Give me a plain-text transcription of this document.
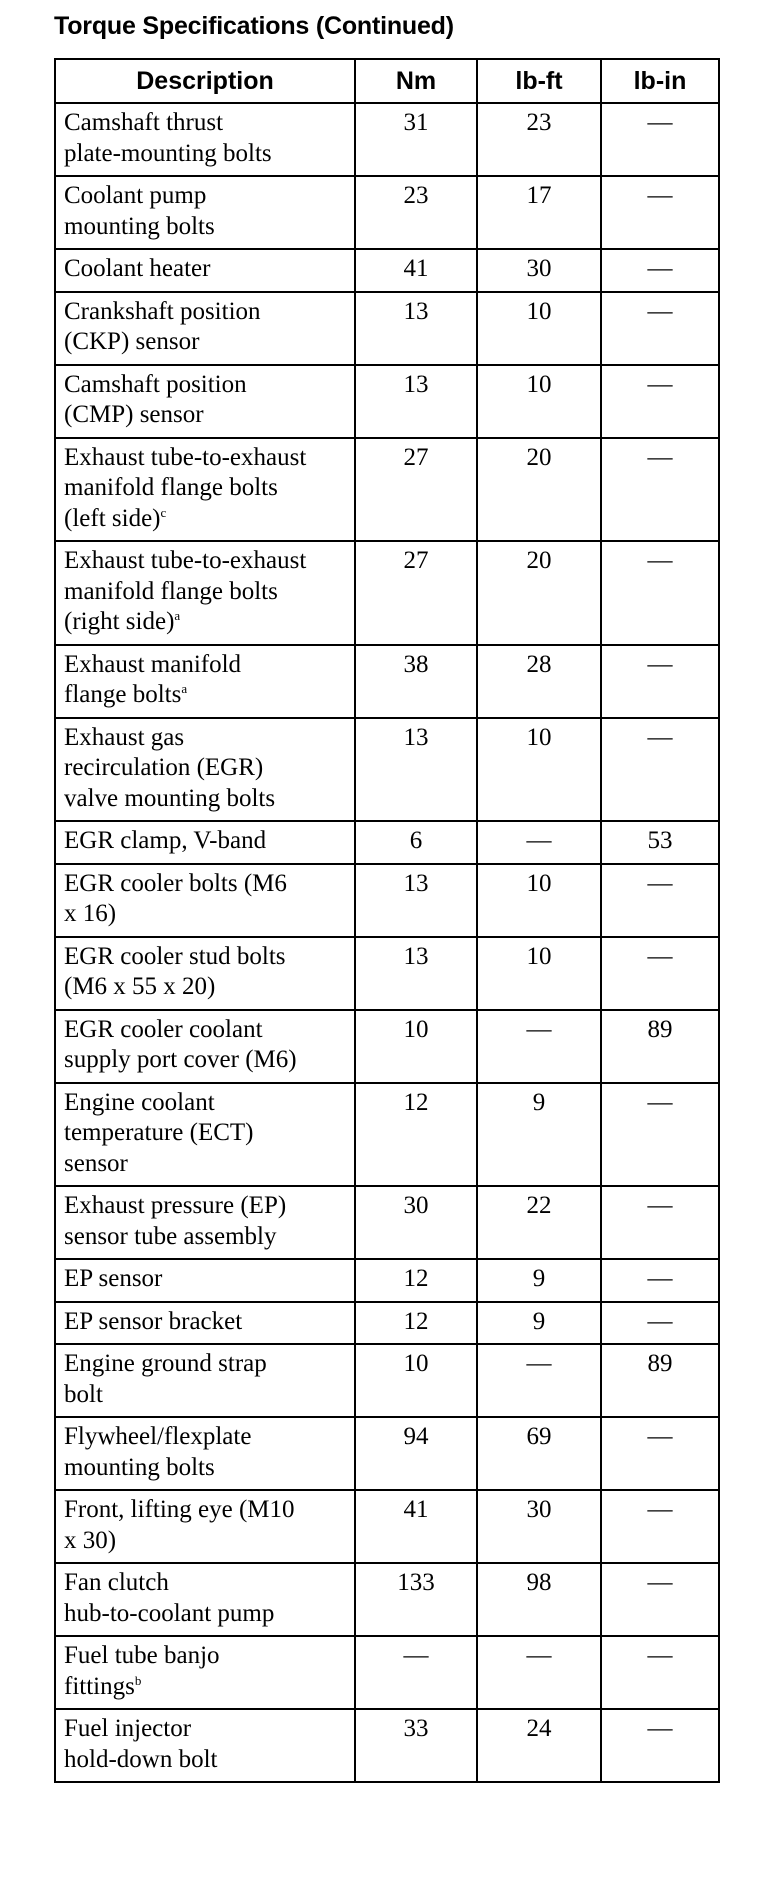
Torque Specifications (Continued)
Description	Nm	lb-ft	lb-in

Camshaft thrust
plate-mounting bolts	31	23	—

Coolant pump
mounting bolts	23	17	—

Coolant heater	41	30	—

Crankshaft position
(CKP) sensor	13	10	—

Camshaft position
(CMP) sensor	13	10	—

Exhaust tube-to-exhaust
manifold flange bolts
(left side)$^c$	27	20	—

Exhaust tube-to-exhaust
manifold flange bolts
(right side)$^a$	27	20	—

Exhaust manifold
flange bolts$^a$	38	28	—

Exhaust gas
recirculation (EGR)
valve mounting bolts	13	10	—

EGR clamp, V-band	6	—	53

EGR cooler bolts (M6
x 16)	13	10	—

EGR cooler stud bolts
(M6 x 55 x 20)	13	10	—

EGR cooler coolant
supply port cover (M6)	10	—	89

Engine coolant
temperature (ECT)
sensor	12	9	—

Exhaust pressure (EP)
sensor tube assembly	30	22	—

EP sensor	12	9	—

EP sensor bracket	12	9	—

Engine ground strap
bolt	10	—	89

Flywheel/flexplate
mounting bolts	94	69	—

Front, lifting eye (M10
x 30)	41	30	—

Fan clutch
hub-to-coolant pump	133	98	—

Fuel tube banjo
fittings$^b$	—	—	—

Fuel injector
hold-down bolt	33	24	—
